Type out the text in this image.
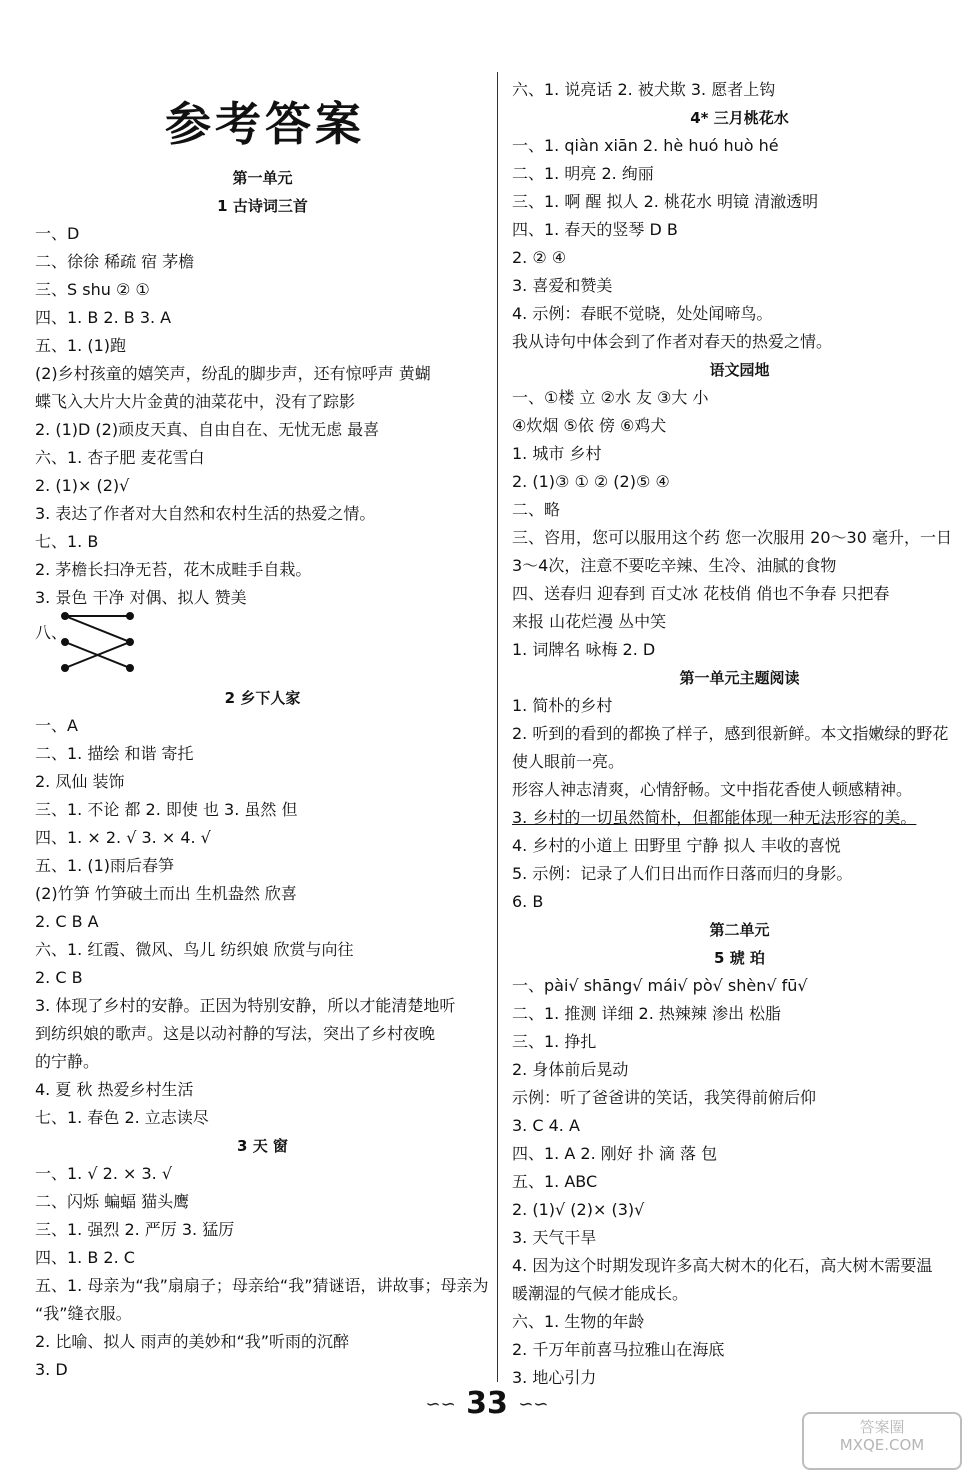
参考答案
第一单元
1 古诗词三首
一、D
二、徐徐 稀疏 宿 茅檐
三、S shu ② ①
四、1. B 2. B 3. A
五、1. (1)跑
(2)乡村孩童的嬉笑声，纷乱的脚步声，还有惊呼声 黄蝴
蝶飞入大片大片金黄的油菜花中，没有了踪影
2. (1)D (2)顽皮天真、自由自在、无忧无虑 最喜
六、1. 杏子肥 麦花雪白
2. (1)× (2)√
3. 表达了作者对大自然和农村生活的热爱之情。
七、1. B
2. 茅檐长扫净无苔，花木成畦手自栽。
3. 景色 干净 对偶、拟人 赞美
2 乡下人家
一、A
二、1. 描绘 和谐 寄托
2. 凤仙 装饰
三、1. 不论 都 2. 即使 也 3. 虽然 但
四、1. × 2. √ 3. × 4. √
五、1. (1)雨后春笋
(2)竹笋 竹笋破土而出 生机盎然 欣喜
2. C B A
六、1. 红霞、微风、鸟儿 纺织娘 欣赏与向往
2. C B
3. 体现了乡村的安静。正因为特别安静，所以才能清楚地听
到纺织娘的歌声。这是以动衬静的写法，突出了乡村夜晚
的宁静。
4. 夏 秋 热爱乡村生活
七、1. 春色 2. 立志读尽
3 天 窗
一、1. √ 2. × 3. √
二、闪烁 蝙蝠 猫头鹰
三、1. 强烈 2. 严厉 3. 猛厉
四、1. B 2. C
五、1. 母亲为“我”扇扇子；母亲给“我”猜谜语，讲故事；母亲为
“我”缝衣服。
2. 比喻、拟人 雨声的美妙和“我”听雨的沉醉
3. D
六、1. 说亮话 2. 被犬欺 3. 愿者上钩
4* 三月桃花水
一、1. qiàn xiān 2. hè huó huò hé
二、1. 明亮 2. 绚丽
三、1. 啊 醒 拟人 2. 桃花水 明镜 清澈透明
四、1. 春天的竖琴 D B
2. ② ④
3. 喜爱和赞美
4. 示例：春眠不觉晓，处处闻啼鸟。
我从诗句中体会到了作者对春天的热爱之情。
语文园地
一、①楼 立 ②水 友 ③大 小
④炊烟 ⑤依 傍 ⑥鸡犬
1. 城市 乡村
2. (1)③ ① ② (2)⑤ ④
二、略
三、咨用，您可以服用这个药 您一次服用 20～30 毫升，一日
3～4次，注意不要吃辛辣、生冷、油腻的食物
四、送春归 迎春到 百丈冰 花枝俏 俏也不争春 只把春
来报 山花烂漫 丛中笑
1. 词牌名 咏梅 2. D
第一单元主题阅读
1. 简朴的乡村
2. 听到的看到的都换了样子，感到很新鲜。本文指嫩绿的野花
使人眼前一亮。
形容人神志清爽，心情舒畅。文中指花香使人顿感精神。
3. 乡村的一切虽然简朴，但都能体现一种无法形容的美。
4. 乡村的小道上 田野里 宁静 拟人 丰收的喜悦
5. 示例：记录了人们日出而作日落而归的身影。
6. B
第二单元
5 琥 珀
一、pài√ shāng√ mái√ pò√ shèn√ fū√
二、1. 推测 详细 2. 热辣辣 渗出 松脂
三、1. 挣扎
2. 身体前后晃动
示例：听了爸爸讲的笑话，我笑得前俯后仰
3. C 4. A
四、1. A 2. 刚好 扑 滴 落 包
五、1. ABC
2. (1)√ (2)× (3)√
3. 天气干旱
4. 因为这个时期发现许多高大树木的化石，高大树木需要温
暖潮湿的气候才能成长。
六、1. 生物的年龄
2. 千万年前喜马拉雅山在海底
3. 地心引力
八、
∽∽ 33 ∽∽
答案圈
MXQE.COM
